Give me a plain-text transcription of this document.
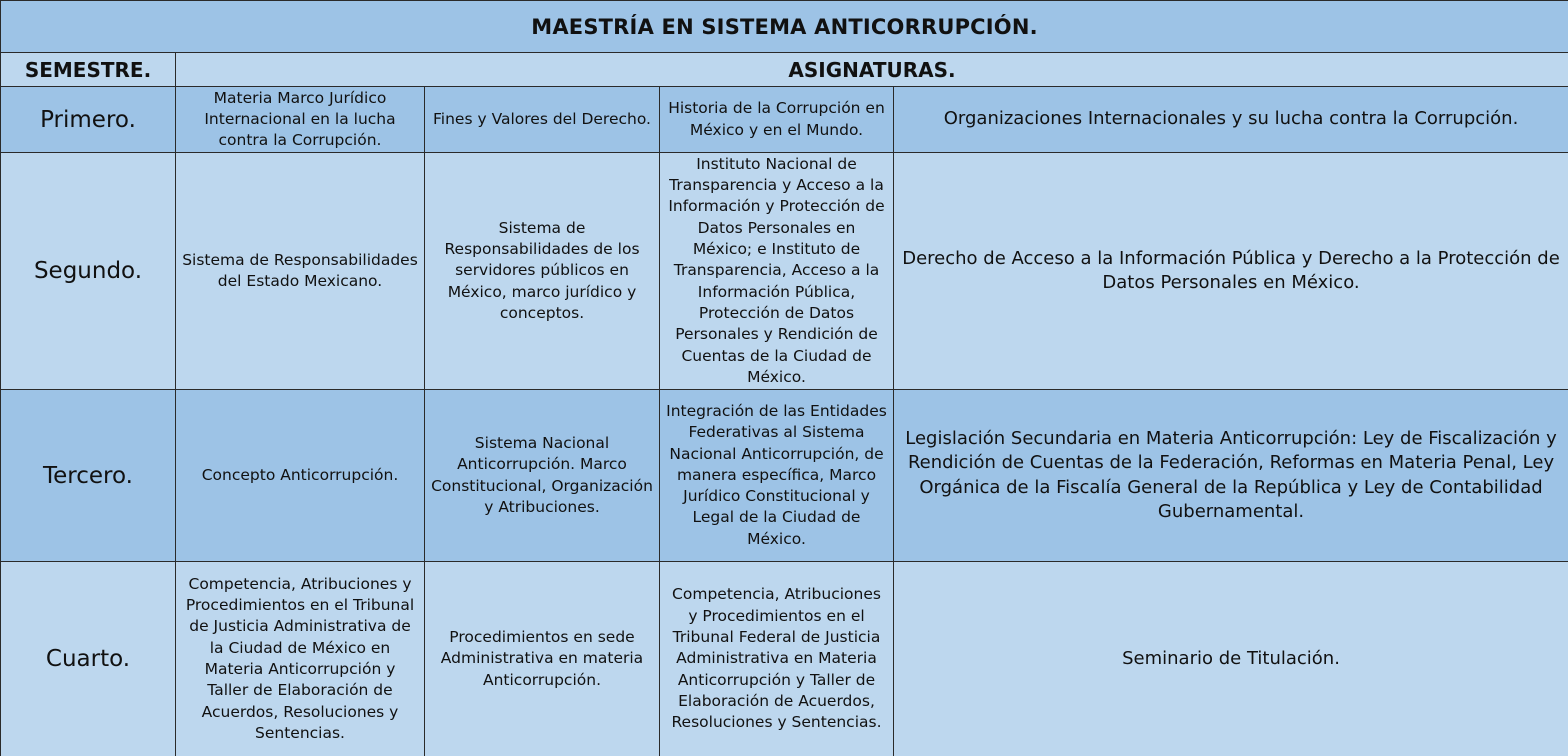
MAESTRÍA EN SISTEMA ANTICORRUPCIÓN.				
SEMESTRE.	ASIGNATURAS.			
Primero.	Materia Marco Jurídico Internacional en la lucha contra la Corrupción.	Fines y Valores del Derecho.	Historia de la Corrupción en México y en el Mundo.	Organizaciones Internacionales y su lucha contra la Corrupción.
Segundo.	Sistema de Responsabilidades del Estado Mexicano.	Sistema de Responsabilidades de los servidores públicos en México, marco jurídico y conceptos.	Instituto Nacional de Transparencia y Acceso a la Información y Protección de Datos Personales en México; e Instituto de Transparencia, Acceso a la Información Pública, Protección de Datos Personales y Rendición de Cuentas de la Ciudad de México.	Derecho de Acceso a la Información Pública y Derecho a la Protección de Datos Personales en México.
Tercero.	Concepto Anticorrupción.	Sistema Nacional Anticorrupción. Marco Constitucional, Organización y Atribuciones.	Integración de las Entidades Federativas al Sistema Nacional Anticorrupción, de manera específica, Marco Jurídico Constitucional y Legal de la Ciudad de México.	Legislación Secundaria en Materia Anticorrupción: Ley de Fiscalización y Rendición de Cuentas de la Federación, Reformas en Materia Penal, Ley Orgánica de la Fiscalía General de la República y Ley de Contabilidad Gubernamental.
Cuarto.	Competencia, Atribuciones y Procedimientos en el Tribunal de Justicia Administrativa de la Ciudad de México en Materia Anticorrupción y Taller de Elaboración de Acuerdos, Resoluciones y Sentencias.	Procedimientos en sede Administrativa en materia Anticorrupción.	Competencia, Atribuciones y Procedimientos en el Tribunal Federal de Justicia Administrativa en Materia Anticorrupción y Taller de Elaboración de Acuerdos, Resoluciones y Sentencias.	Seminario de Titulación.
